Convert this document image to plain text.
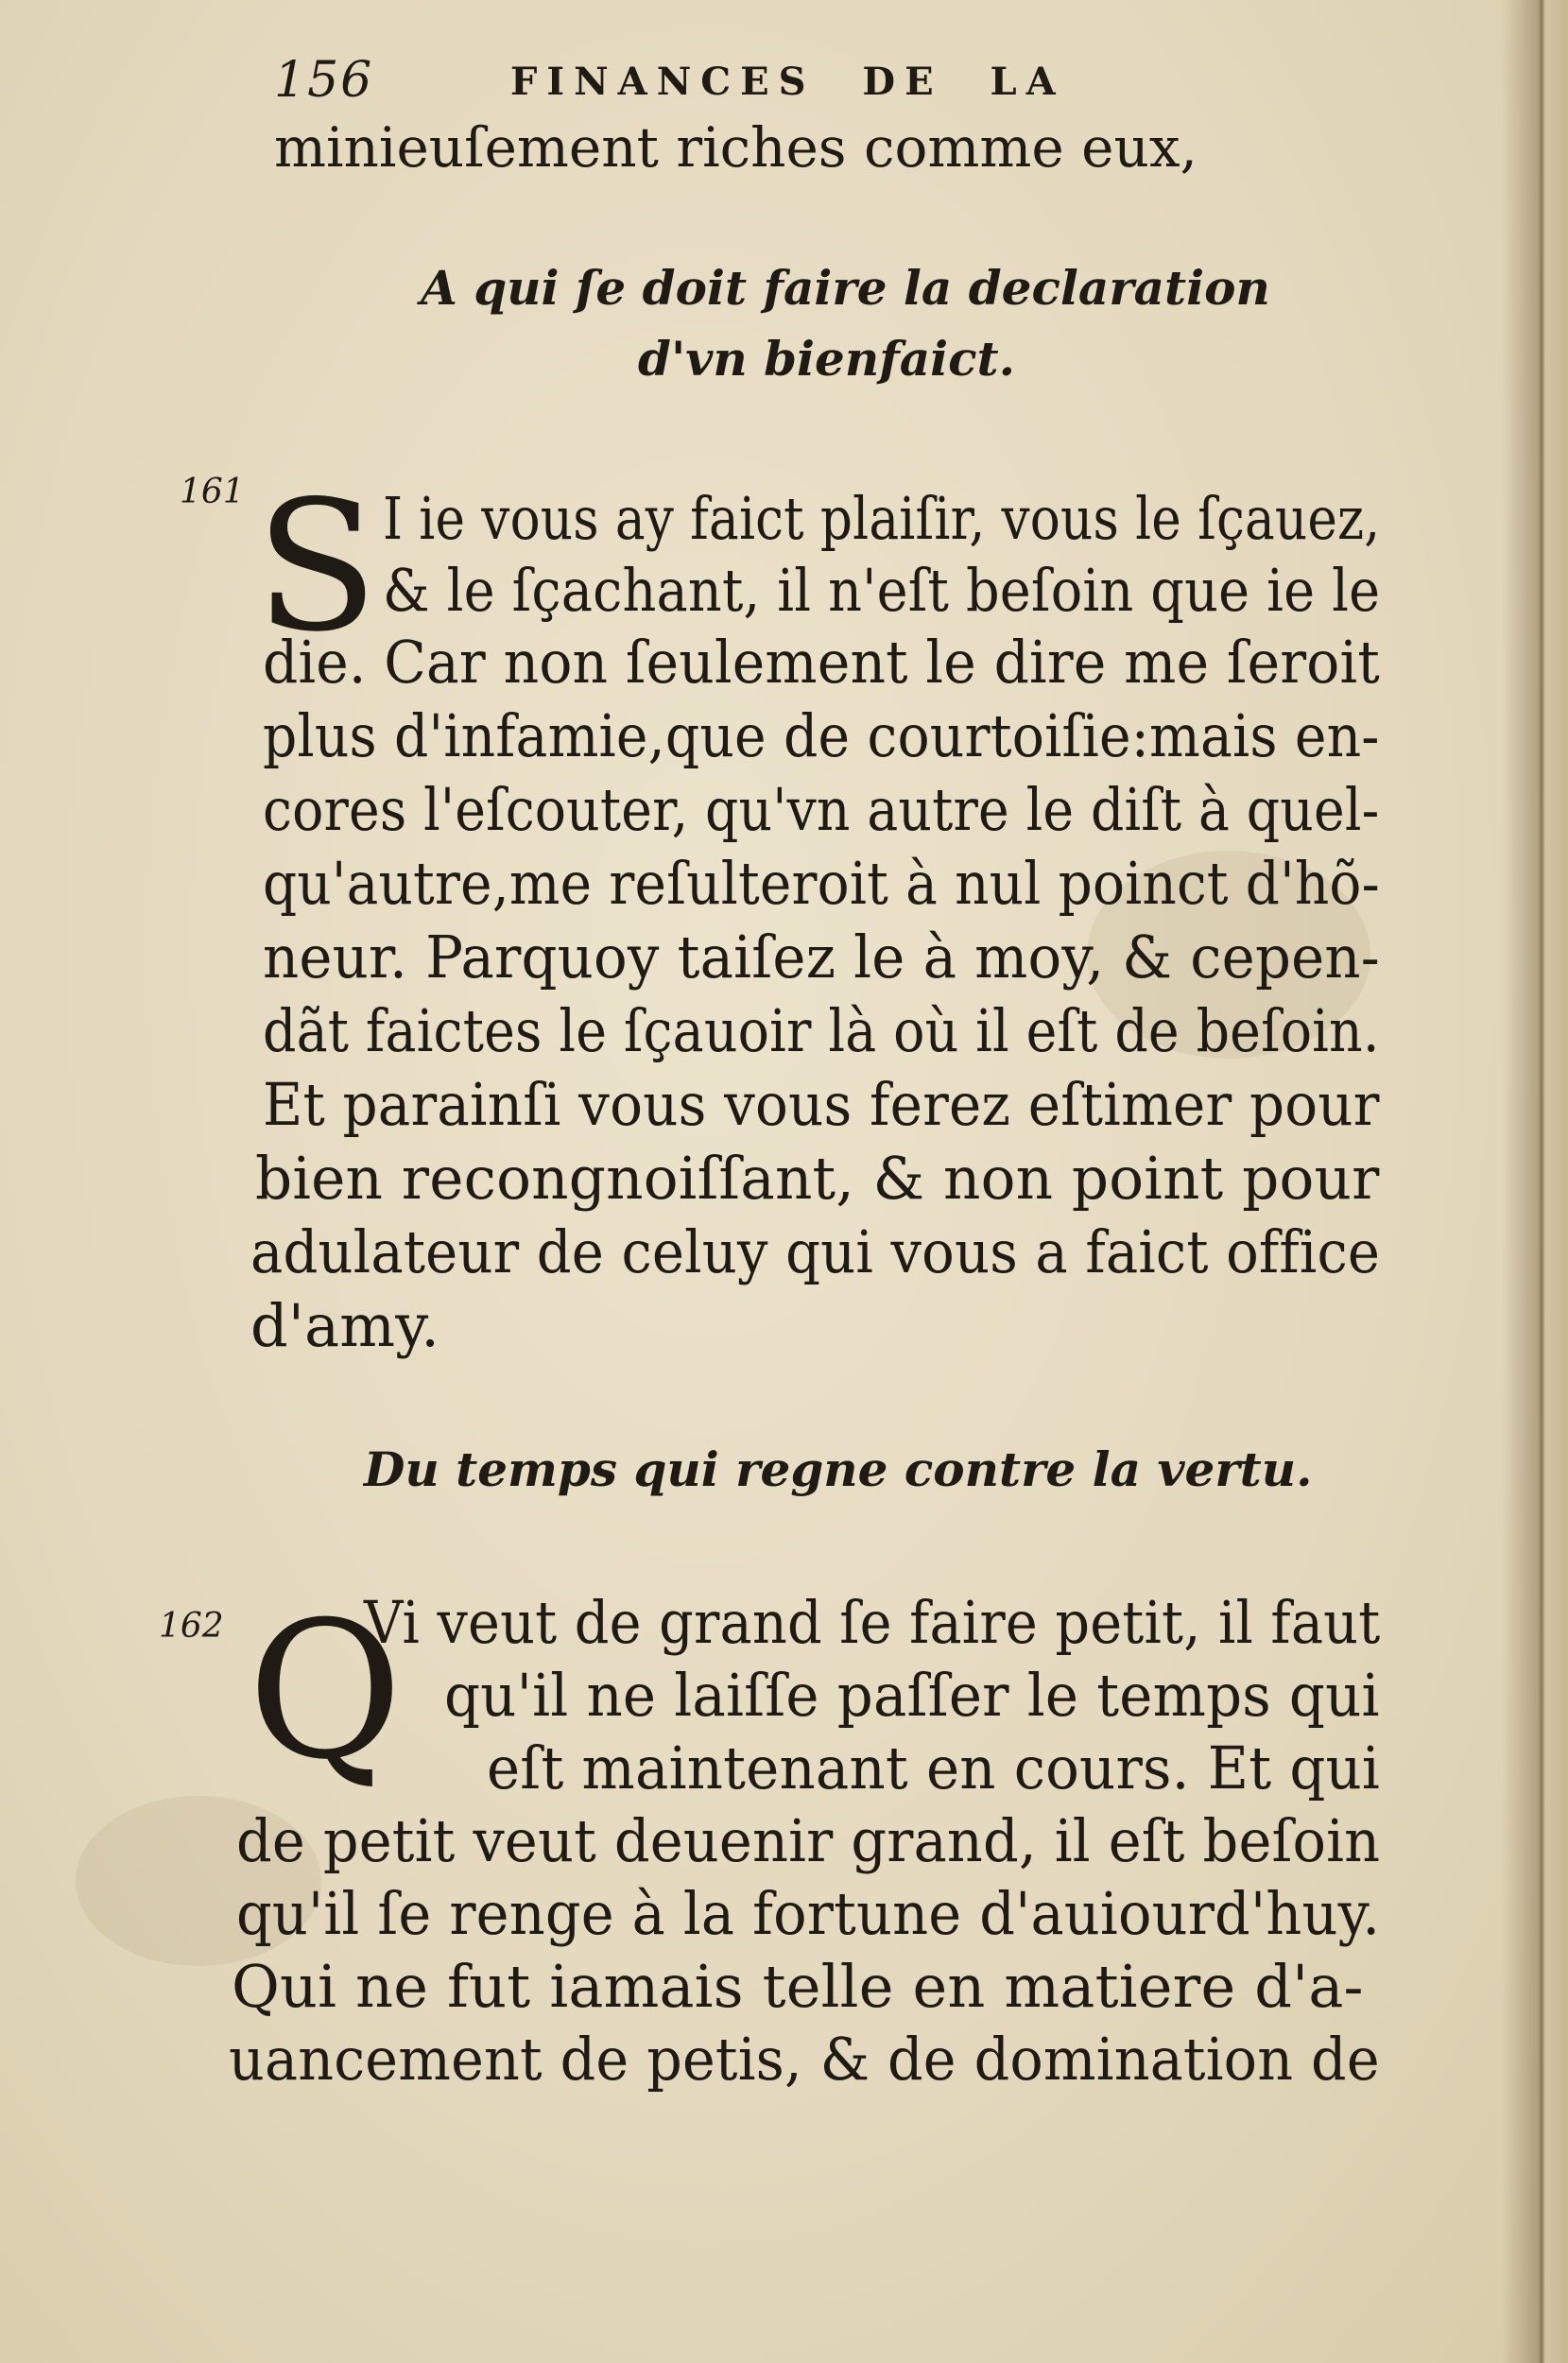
156	FINANCES DE LA
minieuſement riches comme eux,
A qui ſe doit faire la declaration
d'vn bienfaict.
161 S I ie vous ay faict plaiſir, vous le ſçauez,
& le ſçachant, il n'eſt beſoin que ie le
die. Car non ſeulement le dire me ſeroit
plus d'infamie,que de courtoiſie:mais en-
cores l'eſcouter, qu'vn autre le diſt à quel-
qu'autre,me reſulteroit à nul poinct d'hõ-
neur. Parquoy taiſez le à moy, & cepen-
dãt faictes le ſçauoir là où il eſt de beſoin.
Et parainſi vous vous ferez eſtimer pour
bien recongnoiſſant, & non point pour
adulateur de celuy qui vous a faict office
d'amy.
Du temps qui regne contre la vertu.
162 Q
Vi veut de grand ſe faire petit, il faut
qu'il ne laiſſe paſſer le temps qui
eſt maintenant en cours. Et qui
de petit veut deuenir grand, il eſt beſoin
qu'il ſe renge à la fortune d'auiourd'huy.
Qui ne fut iamais telle en matiere d'a-
uancement de petis, & de domination de
